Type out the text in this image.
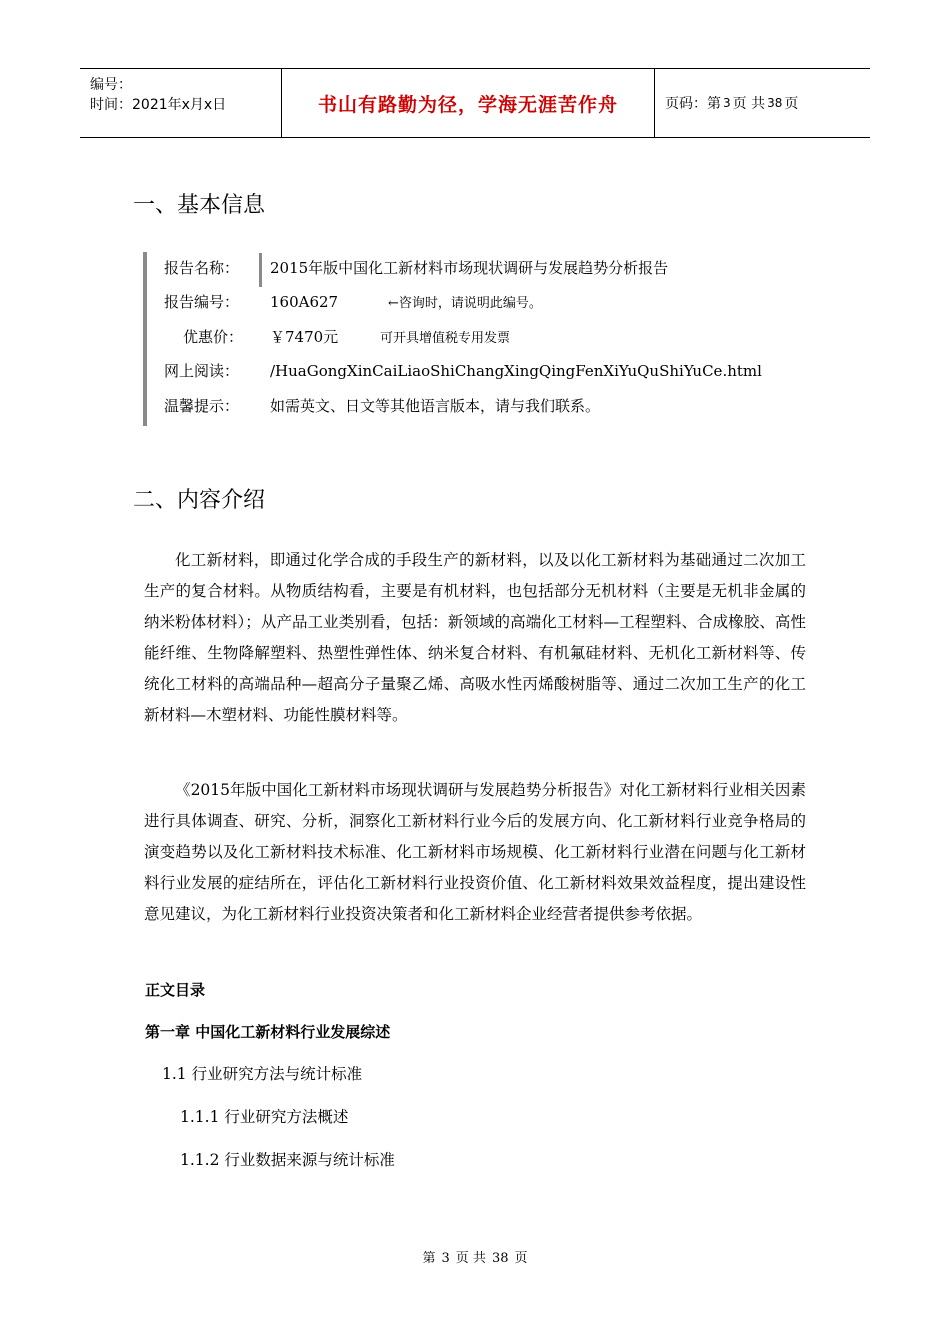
编号：
时间：2021年x月x日	书山有路勤为径，学海无涯苦作舟	页码：第 3 页 共 38 页
一、基本信息
报告名称： 2015年版中国化工新材料市场现状调研与发展趋势分析报告
报告编号： 160A627	←咨询时，请说明此编号。
优惠价： ￥7470元	可开具增值税专用发票
网上阅读： /HuaGongXinCaiLiaoShiChangXingQingFenXiYuQuShiYuCe.html
温馨提示： 如需英文、日文等其他语言版本，请与我们联系。
二、内容介绍
化工新材料，即通过化学合成的手段生产的新材料，以及以化工新材料为基础通过二次加工生产的复合材料。从物质结构看，主要是有机材料，也包括部分无机材料（主要是无机非金属的纳米粉体材料）；从产品工业类别看，包括：新领域的高端化工材料—工程塑料、合成橡胶、高性能纤维、生物降解塑料、热塑性弹性体、纳米复合材料、有机氟硅材料、无机化工新材料等、传统化工材料的高端品种—超高分子量聚乙烯、高吸水性丙烯酸树脂等、通过二次加工生产的化工新材料—木塑材料、功能性膜材料等。
《2015年版中国化工新材料市场现状调研与发展趋势分析报告》对化工新材料行业相关因素进行具体调查、研究、分析，洞察化工新材料行业今后的发展方向、化工新材料行业竞争格局的演变趋势以及化工新材料技术标准、化工新材料市场规模、化工新材料行业潜在问题与化工新材料行业发展的症结所在，评估化工新材料行业投资价值、化工新材料效果效益程度，提出建设性意见建议，为化工新材料行业投资决策者和化工新材料企业经营者提供参考依据。
正文目录
第一章 中国化工新材料行业发展综述
1.1 行业研究方法与统计标准
1.1.1 行业研究方法概述
1.1.2 行业数据来源与统计标准
第 3 页 共 38 页
